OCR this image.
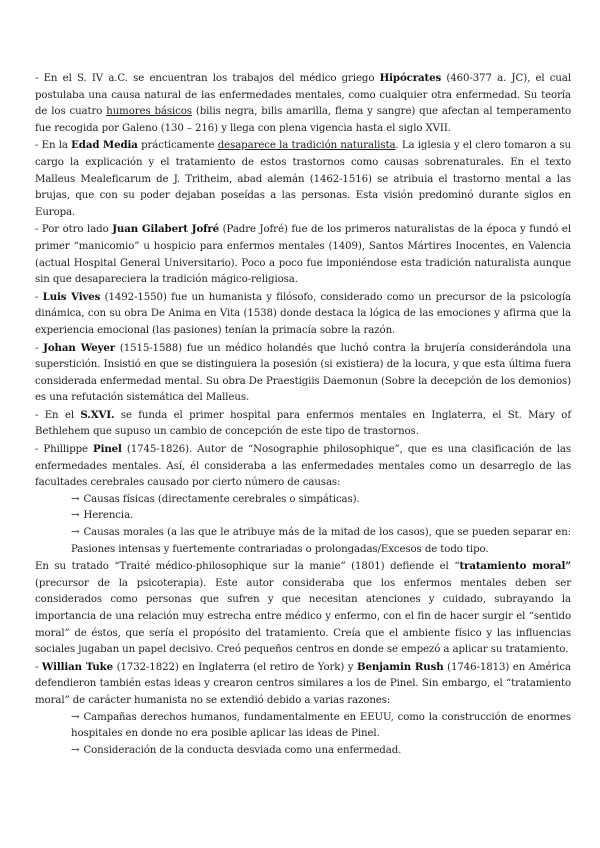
- En el S. IV a.C. se encuentran los trabajos del médico griego Hipócrates (460-377 a. JC), el cual postulaba una causa natural de las enfermedades mentales, como cualquier otra enfermedad. Su teoría de los cuatro humores básicos (bilis negra, bilis amarilla, flema y sangre) que afectan al temperamento fue recogida por Galeno (130 – 216) y llega con plena vigencia hasta el siglo XVII.

- En la Edad Media prácticamente desaparece la tradición naturalista. La iglesia y el clero tomaron a su cargo la explicación y el tratamiento de estos trastornos como causas sobrenaturales. En el texto Malleus Mealeficarum de J. Tritheim, abad alemán (1462-1516) se atribuia el trastorno mental a las brujas, que con su poder dejaban poseídas a las personas. Esta visión predominó durante siglos en Europa.

- Por otro lado Juan Gilabert Jofré (Padre Jofré) fue de los primeros naturalistas de la época y fundó el primer “manicomio” u hospicio para enfermos mentales (1409), Santos Mártires Inocentes, en Valencia (actual Hospital General Universitario). Poco a poco fue imponiéndose esta tradición naturalista aunque sin que desapareciera la tradición mágico-religiosa.

- Luis Vives (1492-1550) fue un humanista y filósofo, considerado como un precursor de la psicología dinámica, con su obra De Anima en Vita (1538) donde destaca la lógica de las emociones y afirma que la experiencia emocional (las pasiones) tenían la primacía sobre la razón.

- Johan Weyer (1515-1588) fue un médico holandés que luchó contra la brujería considerándola una superstición. Insistió en que se distinguiera la posesión (si existiera) de la locura, y que esta última fuera considerada enfermedad mental. Su obra De Praestigiis Daemonun (Sobre la decepción de los demonios) es una refutación sistemática del Malleus.

- En el S.XVI. se funda el primer hospital para enfermos mentales en Inglaterra, el St. Mary of Bethlehem que supuso un cambio de concepción de este tipo de trastornos.

- Phillippe Pinel (1745-1826). Autor de “Nosographie philosophique”, que es una clasificación de las enfermedades mentales. Así, él consideraba a las enfermedades mentales como un desarreglo de las facultades cerebrales causado por cierto número de causas:

→ Causas físicas (directamente cerebrales o simpáticas).

→ Herencia.

→ Causas morales (a las que le atribuye más de la mitad de los casos), que se pueden separar en: Pasiones intensas y fuertemente contrariadas o prolongadas/Excesos de todo tipo.

En su tratado “Traité médico-philosophique sur la manie” (1801) defiende el “tratamiento moral” (precursor de la psicoterapia). Este autor consideraba que los enfermos mentales deben ser considerados como personas que sufren y que necesitan atenciones y cuidado, subrayando la importancia de una relación muy estrecha entre médico y enfermo, con el fin de hacer surgir el “sentido moral” de éstos, que sería el propósito del tratamiento. Creía que el ambiente físico y las influencias sociales jugaban un papel decisivo. Creó pequeños centros en donde se empezó a aplicar su tratamiento.

- Willian Tuke (1732-1822) en Inglaterra (el retiro de York) y Benjamin Rush (1746-1813) en América defendieron también estas ideas y crearon centros similares a los de Pinel. Sin embargo, el “tratamiento moral” de carácter humanista no se extendió debido a varias razones:

→ Campañas derechos humanos, fundamentalmente en EEUU, como la construcción de enormes hospitales en donde no era posible aplicar las ideas de Pinel.

→ Consideración de la conducta desviada como una enfermedad.
